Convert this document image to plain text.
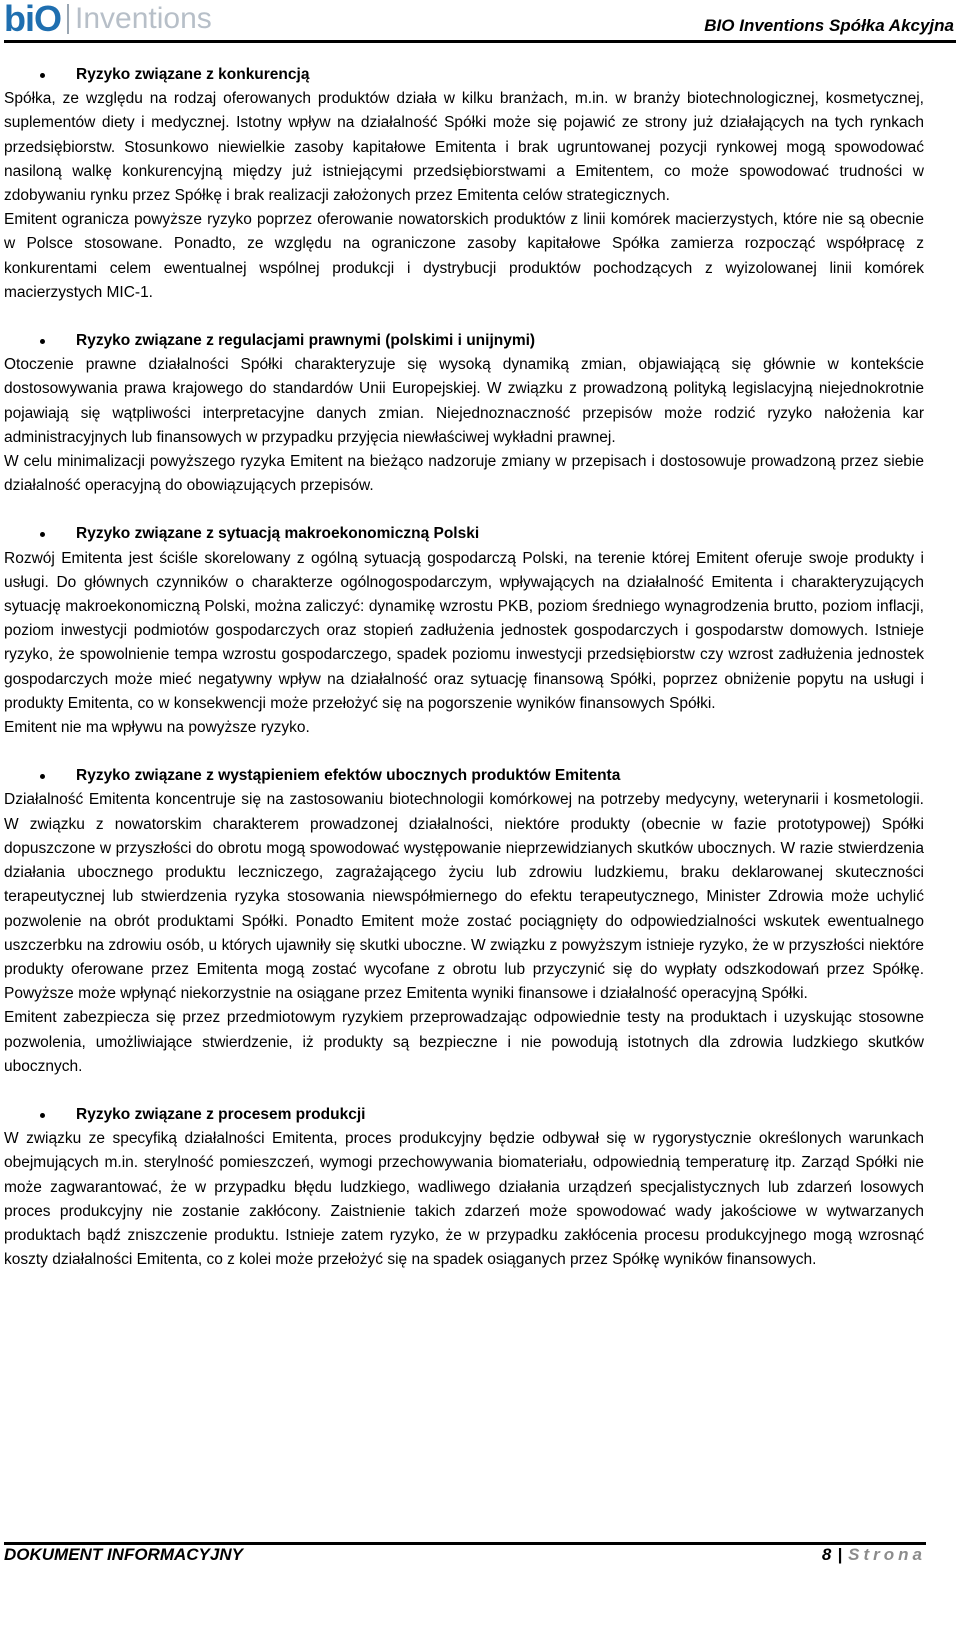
biO Inventions	BIO Inventions Spółka Akcyjna
Ryzyko związane z konkurencją

Spółka, ze względu na rodzaj oferowanych produktów działa w kilku branżach, m.in. w branży biotechnologicznej, kosmetycznej, suplementów diety i medycznej. Istotny wpływ na działalność Spółki może się pojawić ze strony już działających na tych rynkach przedsiębiorstw. Stosunkowo niewielkie zasoby kapitałowe Emitenta i brak ugruntowanej pozycji rynkowej mogą spowodować nasiloną walkę konkurencyjną między już istniejącymi przedsiębiorstwami a Emitentem, co może spowodować trudności w zdobywaniu rynku przez Spółkę i brak realizacji założonych przez Emitenta celów strategicznych.

Emitent ogranicza powyższe ryzyko poprzez oferowanie nowatorskich produktów z linii komórek macierzystych, które nie są obecnie w Polsce stosowane. Ponadto, ze względu na ograniczone zasoby kapitałowe Spółka zamierza rozpocząć współpracę z konkurentami celem ewentualnej wspólnej produkcji i dystrybucji produktów pochodzących z wyizolowanej linii komórek macierzystych MIC-1.

Ryzyko związane z regulacjami prawnymi (polskimi i unijnymi)

Otoczenie prawne działalności Spółki charakteryzuje się wysoką dynamiką zmian, objawiającą się głównie w kontekście dostosowywania prawa krajowego do standardów Unii Europejskiej. W związku z prowadzoną polityką legislacyjną niejednokrotnie pojawiają się wątpliwości interpretacyjne danych zmian. Niejednoznaczność przepisów może rodzić ryzyko nałożenia kar administracyjnych lub finansowych w przypadku przyjęcia niewłaściwej wykładni prawnej.

W celu minimalizacji powyższego ryzyka Emitent na bieżąco nadzoruje zmiany w przepisach i dostosowuje prowadzoną przez siebie działalność operacyjną do obowiązujących przepisów.

Ryzyko związane z sytuacją makroekonomiczną Polski

Rozwój Emitenta jest ściśle skorelowany z ogólną sytuacją gospodarczą Polski, na terenie której Emitent oferuje swoje produkty i usługi. Do głównych czynników o charakterze ogólnogospodarczym, wpływających na działalność Emitenta i charakteryzujących sytuację makroekonomiczną Polski, można zaliczyć: dynamikę wzrostu PKB, poziom średniego wynagrodzenia brutto, poziom inflacji, poziom inwestycji podmiotów gospodarczych oraz stopień zadłużenia jednostek gospodarczych i gospodarstw domowych. Istnieje ryzyko, że spowolnienie tempa wzrostu gospodarczego, spadek poziomu inwestycji przedsiębiorstw czy wzrost zadłużenia jednostek gospodarczych może mieć negatywny wpływ na działalność oraz sytuację finansową Spółki, poprzez obniżenie popytu na usługi i produkty Emitenta, co w konsekwencji może przełożyć się na pogorszenie wyników finansowych Spółki.

Emitent nie ma wpływu na powyższe ryzyko.

Ryzyko związane z wystąpieniem efektów ubocznych produktów Emitenta

Działalność Emitenta koncentruje się na zastosowaniu biotechnologii komórkowej na potrzeby medycyny, weterynarii i kosmetologii. W związku z nowatorskim charakterem prowadzonej działalności, niektóre produkty (obecnie w fazie prototypowej) Spółki dopuszczone w przyszłości do obrotu mogą spowodować występowanie nieprzewidzianych skutków ubocznych. W razie stwierdzenia działania ubocznego produktu leczniczego, zagrażającego życiu lub zdrowiu ludzkiemu, braku deklarowanej skuteczności terapeutycznej lub stwierdzenia ryzyka stosowania niewspółmiernego do efektu terapeutycznego, Minister Zdrowia może uchylić pozwolenie na obrót produktami Spółki. Ponadto Emitent może zostać pociągnięty do odpowiedzialności wskutek ewentualnego uszczerbku na zdrowiu osób, u których ujawniły się skutki uboczne. W związku z powyższym istnieje ryzyko, że w przyszłości niektóre produkty oferowane przez Emitenta mogą zostać wycofane z obrotu lub przyczynić się do wypłaty odszkodowań przez Spółkę. Powyższe może wpłynąć niekorzystnie na osiągane przez Emitenta wyniki finansowe i działalność operacyjną Spółki.

Emitent zabezpiecza się przez przedmiotowym ryzykiem przeprowadzając odpowiednie testy na produktach i uzyskując stosowne pozwolenia, umożliwiające stwierdzenie, iż produkty są bezpieczne i nie powodują istotnych dla zdrowia ludzkiego skutków ubocznych.

Ryzyko związane z procesem produkcji

W związku ze specyfiką działalności Emitenta, proces produkcyjny będzie odbywał się w rygorystycznie określonych warunkach obejmujących m.in. sterylność pomieszczeń, wymogi przechowywania biomateriału, odpowiednią temperaturę itp. Zarząd Spółki nie może zagwarantować, że w przypadku błędu ludzkiego, wadliwego działania urządzeń specjalistycznych lub zdarzeń losowych proces produkcyjny nie zostanie zakłócony. Zaistnienie takich zdarzeń może spowodować wady jakościowe w wytwarzanych produktach bądź zniszczenie produktu. Istnieje zatem ryzyko, że w przypadku zakłócenia procesu produkcyjnego mogą wzrosnąć koszty działalności Emitenta, co z kolei może przełożyć się na spadek osiąganych przez Spółkę wyników finansowych.

DOKUMENT INFORMACYJNY	8 | Strona
